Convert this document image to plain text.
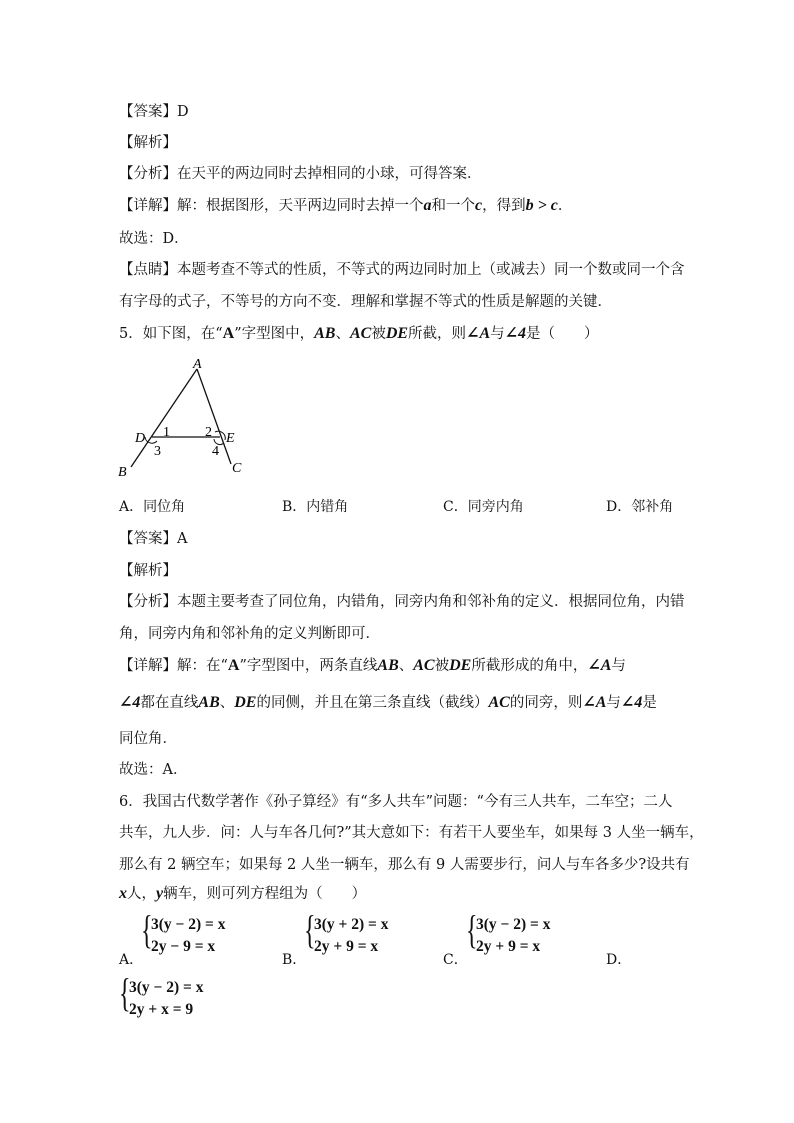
【答案】D
【解析】
【分析】在天平的两边同时去掉相同的小球，可得答案．
【详解】解：根据图形，天平两边同时去掉一个a和一个c，得到b > c．
故选：D．
【点睛】本题考查不等式的性质，不等式的两边同时加上（或减去）同一个数或同一个含
有字母的式子，不等号的方向不变．理解和掌握不等式的性质是解题的关键．
5．如下图，在“A”字型图中，AB、AC被DE所截，则∠A与∠4是（　　）
A
D	E
B	C
1	2
3	4
A．同位角	B．内错角	C．同旁内角	D．邻补角
【答案】A
【解析】
【分析】本题主要考查了同位角，内错角，同旁内角和邻补角的定义．根据同位角，内错
角，同旁内角和邻补角的定义判断即可．
【详解】解：在“A”字型图中，两条直线AB、AC被DE所截形成的角中，∠A与
∠4都在直线AB、DE的同侧，并且在第三条直线（截线）AC的同旁，则∠A与∠4是
同位角．
故选：A．
6．我国古代数学著作《孙子算经》有“多人共车”问题：“今有三人共车，二车空；二人
共车，九人步．问：人与车各几何?”其大意如下：有若干人要坐车，如果每 3 人坐一辆车，
那么有 2 辆空车；如果每 2 人坐一辆车，那么有 9 人需要步行，问人与车各多少?设共有
x人，y辆车，则可列方程组为（　　）
A．
{
3(y − 2) = x
2y − 9 = x
B．
{
3(y + 2) = x
2y + 9 = x
C．
{
3(y − 2) = x
2y + 9 = x
D．
{
3(y − 2) = x
2y + x = 9
